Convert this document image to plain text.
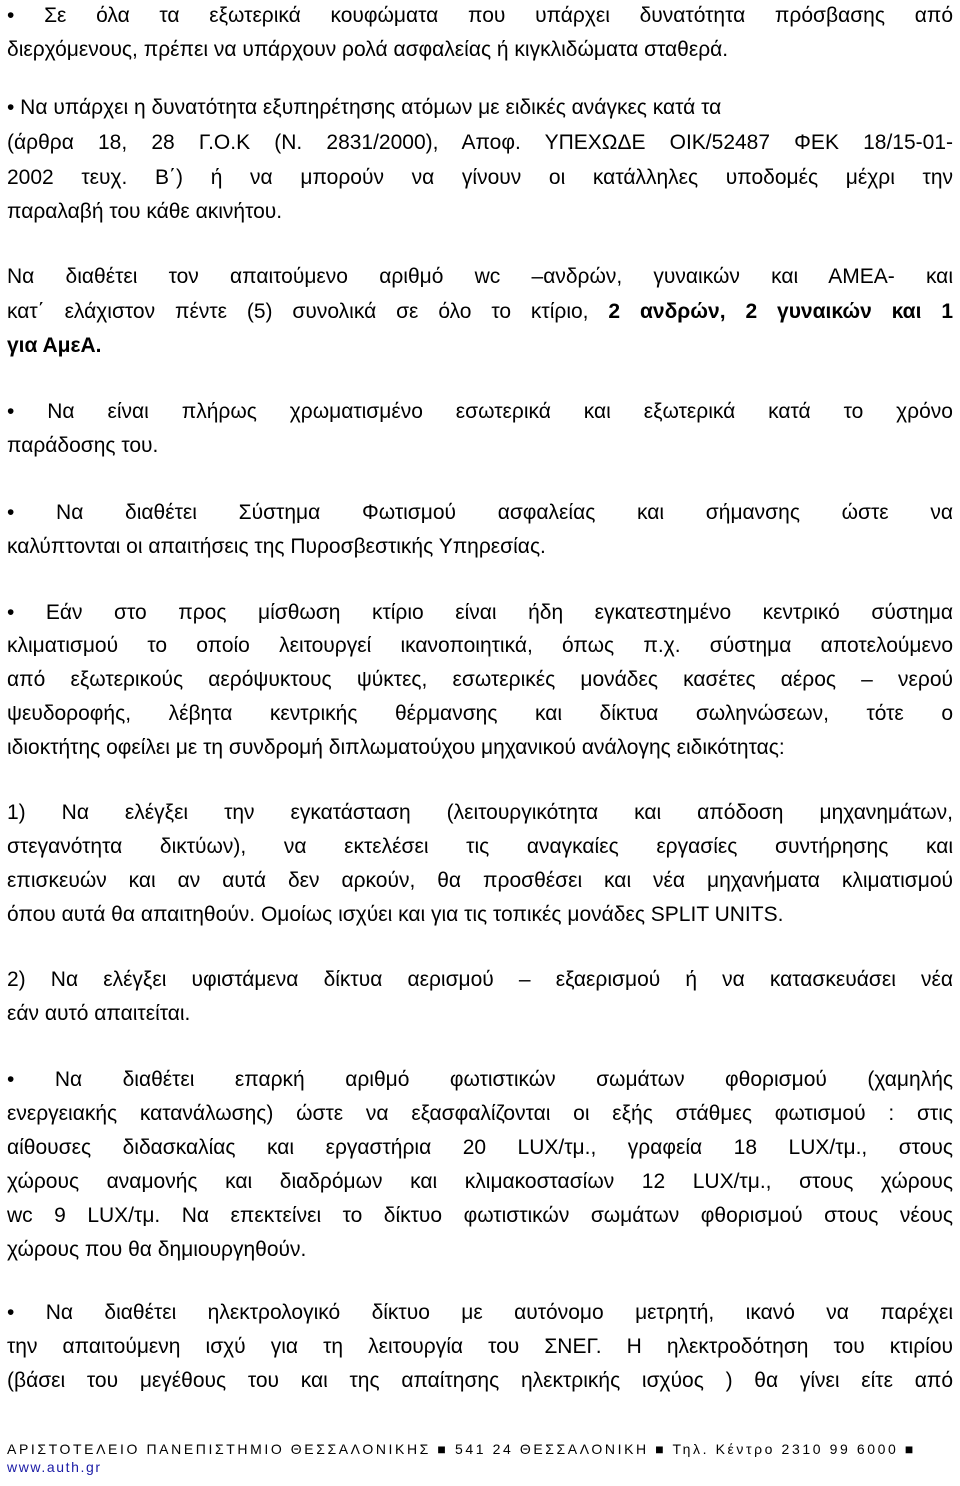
• Σε όλα τα εξωτερικά κουφώματα που υπάρχει δυνατότητα πρόσβασης από
διερχόμενους, πρέπει να υπάρχουν ρολά ασφαλείας ή κιγκλιδώματα σταθερά.
• Να υπάρχει η δυνατότητα εξυπηρέτησης ατόμων με ειδικές ανάγκες κατά τα
(άρθρα 18, 28 Γ.Ο.Κ (Ν. 2831/2000), Αποφ. ΥΠΕΧΩΔΕ ΟΙΚ/52487 ΦΕΚ 18/15-01-
2002 τευχ. Β΄) ή να μπορούν να γίνουν οι κατάλληλες υποδομές μέχρι την
παραλαβή του κάθε ακινήτου.
Να διαθέτει τον απαιτούμενο αριθμό wc –ανδρών, γυναικών και ΑΜΕΑ- και
κατ΄ ελάχιστον πέντε (5) συνολικά σε όλο το κτίριο, 2 ανδρών, 2 γυναικών και 1
για ΑμεΑ.
• Να είναι πλήρως χρωματισμένο εσωτερικά και εξωτερικά κατά το χρόνο
παράδοσης του.
• Να διαθέτει Σύστημα Φωτισμού ασφαλείας και σήμανσης ώστε να
καλύπτονται οι απαιτήσεις της Πυροσβεστικής Υπηρεσίας.
• Εάν στο προς μίσθωση κτίριο είναι ήδη εγκατεστημένο κεντρικό σύστημα
κλιματισμού το οποίο λειτουργεί ικανοποιητικά, όπως π.χ. σύστημα αποτελούμενο
από εξωτερικούς αερόψυκτους ψύκτες, εσωτερικές μονάδες κασέτες αέρος – νερού
ψευδοροφής, λέβητα κεντρικής θέρμανσης και δίκτυα σωληνώσεων, τότε ο
ιδιοκτήτης οφείλει με τη συνδρομή διπλωματούχου μηχανικού ανάλογης ειδικότητας:
1) Να ελέγξει την εγκατάσταση (λειτουργικότητα και απόδοση μηχανημάτων,
στεγανότητα δικτύων), να εκτελέσει τις αναγκαίες εργασίες συντήρησης και
επισκευών και αν αυτά δεν αρκούν, θα προσθέσει και νέα μηχανήματα κλιματισμού
όπου αυτά θα απαιτηθούν. Ομοίως ισχύει και για τις τοπικές μονάδες SPLIT UNITS.
2) Να ελέγξει υφιστάμενα δίκτυα αερισμού – εξαερισμού ή να κατασκευάσει νέα
εάν αυτό απαιτείται.
• Να διαθέτει επαρκή αριθμό φωτιστικών σωμάτων φθορισμού (χαμηλής
ενεργειακής κατανάλωσης) ώστε να εξασφαλίζονται οι εξής στάθμες φωτισμού : στις
αίθουσες διδασκαλίας και εργαστήρια 20 LUX/τμ., γραφεία 18 LUX/τμ., στους
χώρους αναμονής και διαδρόμων και κλιμακοστασίων 12 LUX/τμ., στους χώρους
wc 9 LUX/τμ. Να επεκτείνει το δίκτυο φωτιστικών σωμάτων φθορισμού στους νέους
χώρους που θα δημιουργηθούν.
• Να διαθέτει ηλεκτρολογικό δίκτυο με αυτόνομο μετρητή, ικανό να παρέχει
την απαιτούμενη ισχύ για τη λειτουργία του ΣΝΕΓ. Η ηλεκτροδότηση του κτιρίου
(βάσει του μεγέθους του και της απαίτησης ηλεκτρικής ισχύος ) θα γίνει είτε από
ΑΡΙΣΤΟΤΕΛΕΙΟ ΠΑΝΕΠΙΣΤΗΜΙΟ ΘΕΣΣΑΛΟΝΙΚΗΣ ■ 541 24 ΘΕΣΣΑΛΟΝΙΚΗ ■ Τηλ. Κέντρο 2310 99 6000 ■
www.auth.gr
